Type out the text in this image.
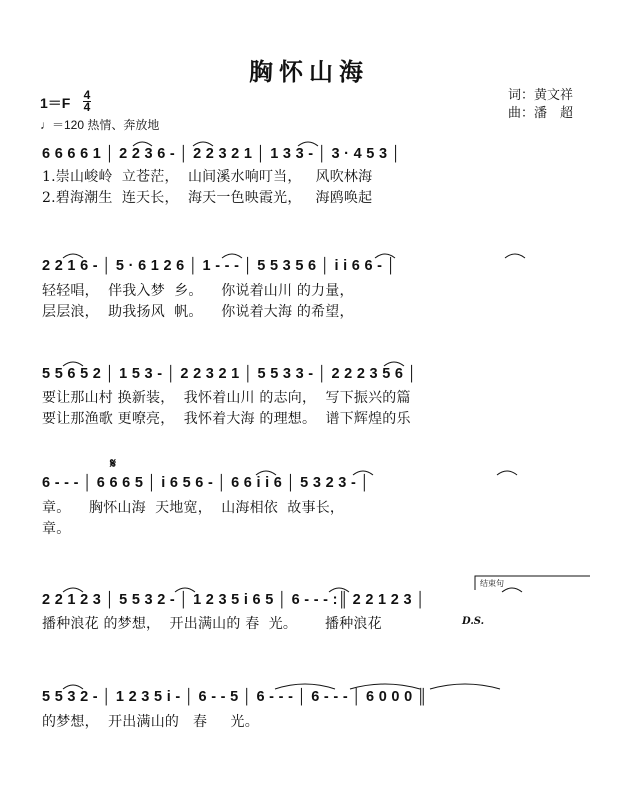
胸怀山海
词：黄文祥
曲：潘　超
1＝F 4
4
♩＝120 热情、奔放地
6 6 6 6 1 │ 2 2 3 6 - │ 2 2 3 2 1 │ 1 3 3 - │ 3 · 4 5 3 │
1.崇山峻岭  立苍茫，  山间溪水响叮当，   风吹林海
2.碧海潮生  连天长，  海天一色映霞光，   海鸥唤起
2 2 1 6 - │ 5 · 6 1 2 6 │ 1 - - - │ 5 5 3 5 6 │ i i 6 6 - │
轻轻唱，  伴我入梦  乡。    你说着山川 的力量，
层层浪，  助我扬风  帆。    你说着大海 的希望，
5 5 6 5 2 │ 1 5 3 - │ 2 2 3 2 1 │ 5 5 3 3 - │ 2 2 2 3 5 6 │
要让那山村 换新装，  我怀着山川 的志向，  写下振兴的篇
要让那渔歌 更嘹亮，  我怀着大海 的理想。  谱下辉煌的乐
𝄋
6 - - - │ 6 6 6 5 │ i 6 5 6 - │ 6 6 i i 6 │ 5 3 2 3 - │
章。    胸怀山海  天地宽，  山海相依  故事长，
章。
结束句
2 2 1 2 3 │ 5 5 3 2 - │ 1 2 3 5 i 6 5 │ 6 - - - :║ 2 2 1 2 3 │
播种浪花 的梦想，  开出满山的 春  光。      播种浪花	D.S.
5 5 3 2 - │ 1 2 3 5 i - │ 6 - - 5 │ 6 - - - │ 6 - - - │ 6 0 0 0 ║
的梦想，  开出满山的   春     光。
